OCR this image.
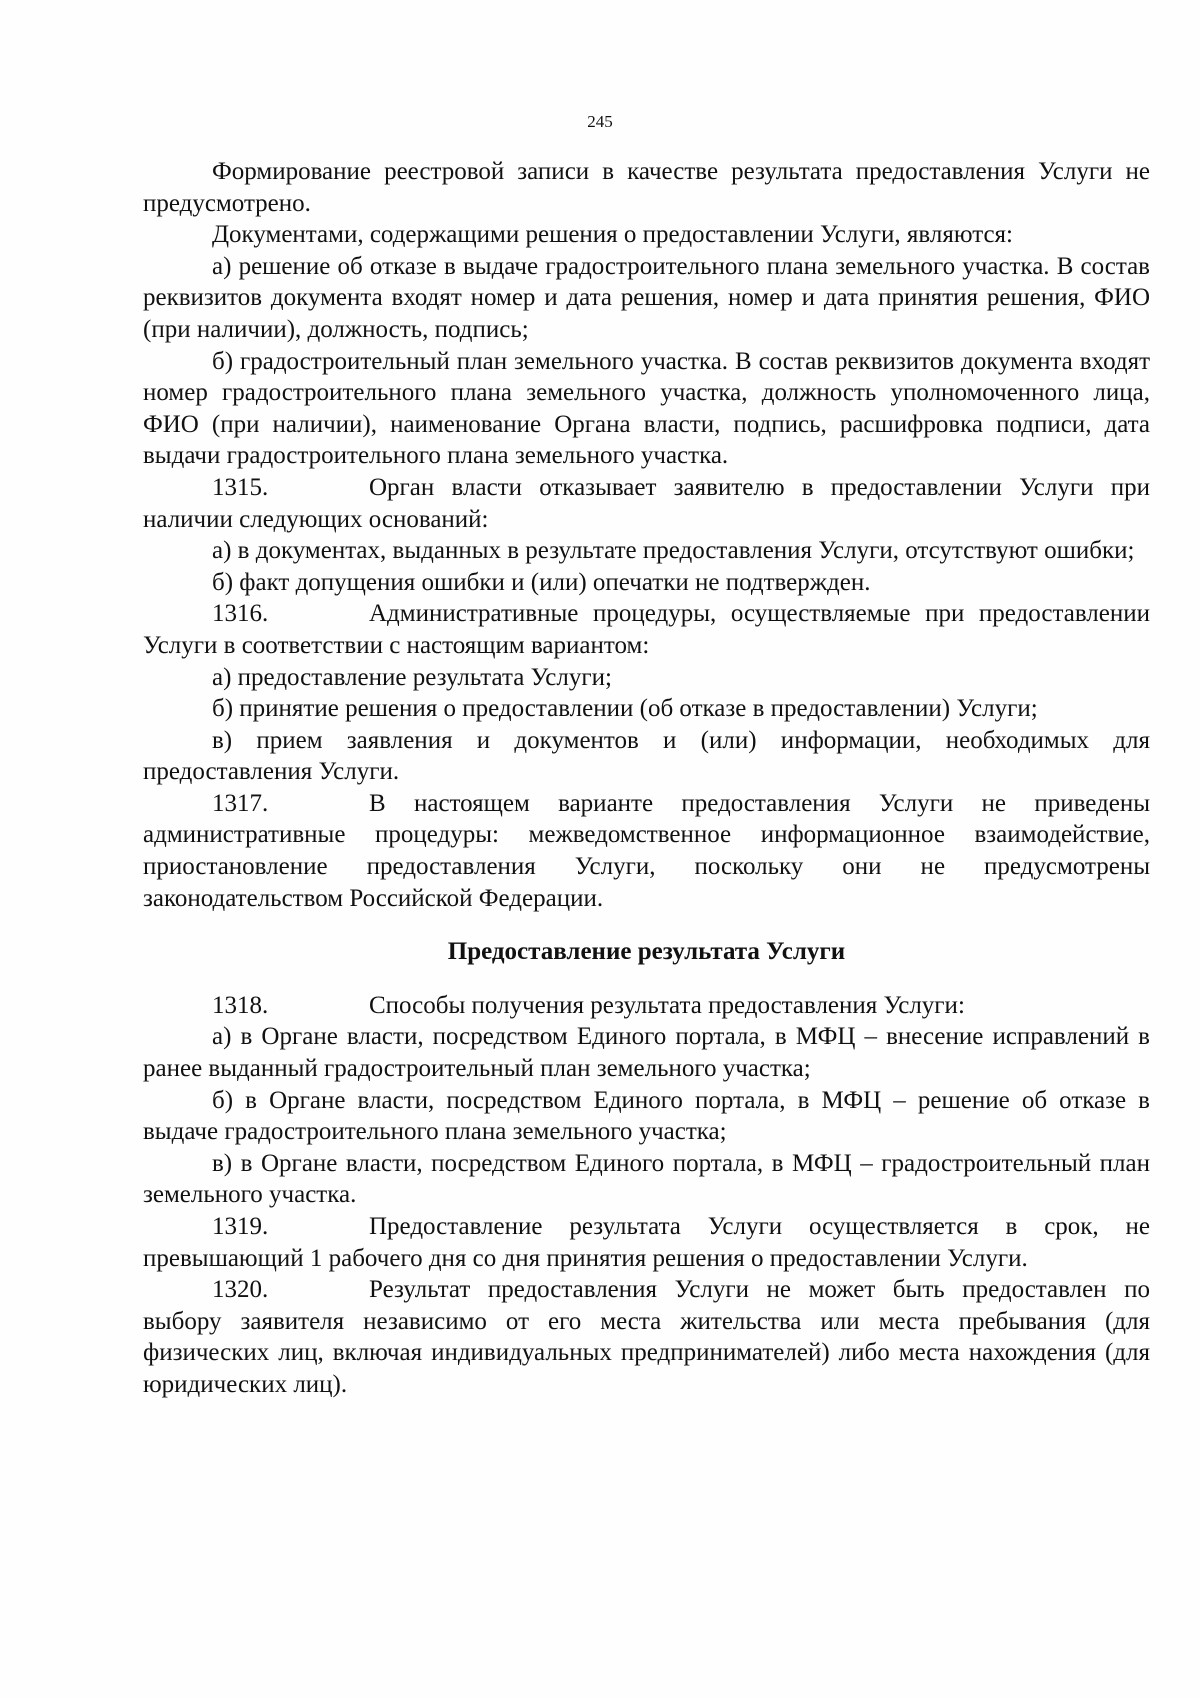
245

Формирование реестровой записи в качестве результата предоставления Услуги не предусмотрено.

Документами, содержащими решения о предоставлении Услуги, являются:

а) решение об отказе в выдаче градостроительного плана земельного участка. В состав реквизитов документа входят номер и дата решения, номер и дата принятия решения, ФИО (при наличии), должность, подпись;

б) градостроительный план земельного участка. В состав реквизитов документа входят номер градостроительного плана земельного участка, должность уполномоченного лица, ФИО (при наличии), наименование Органа власти, подпись, расшифровка подписи, дата выдачи градостроительного плана земельного участка.

1315.	Орган власти отказывает заявителю в предоставлении Услуги при наличии следующих оснований:

а) в документах, выданных в результате предоставления Услуги, отсутствуют ошибки;

б) факт допущения ошибки и (или) опечатки не подтвержден.

1316.	Административные процедуры, осуществляемые при предоставлении Услуги в соответствии с настоящим вариантом:

а) предоставление результата Услуги;

б) принятие решения о предоставлении (об отказе в предоставлении) Услуги;

в) прием заявления и документов и (или) информации, необходимых для предоставления Услуги.

1317.	В настоящем варианте предоставления Услуги не приведены административные процедуры: межведомственное информационное взаимодействие, приостановление предоставления Услуги, поскольку они не предусмотрены законодательством Российской Федерации.

Предоставление результата Услуги

1318.	Способы получения результата предоставления Услуги:

а) в Органе власти, посредством Единого портала, в МФЦ – внесение исправлений в ранее выданный градостроительный план земельного участка;

б) в Органе власти, посредством Единого портала, в МФЦ – решение об отказе в выдаче градостроительного плана земельного участка;

в) в Органе власти, посредством Единого портала, в МФЦ – градостроительный план земельного участка.

1319.	Предоставление результата Услуги осуществляется в срок, не превышающий 1 рабочего дня со дня принятия решения о предоставлении Услуги.

1320.	Результат предоставления Услуги не может быть предоставлен по выбору заявителя независимо от его места жительства или места пребывания (для физических лиц, включая индивидуальных предпринимателей) либо места нахождения (для юридических лиц).
